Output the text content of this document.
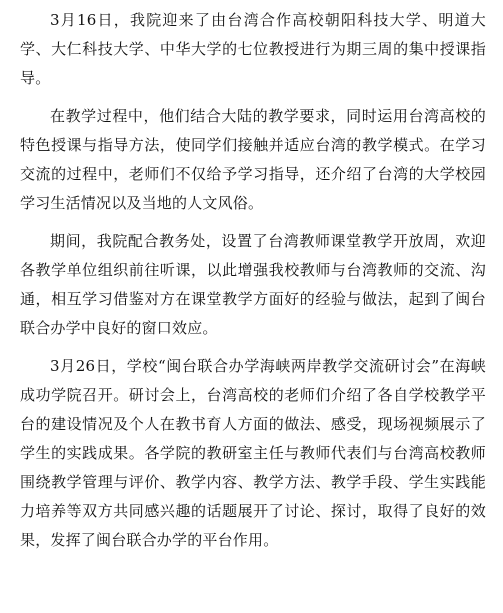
3月16日，我院迎来了由台湾合作高校朝阳科技大学、明道大学、大仁科技大学、中华大学的七位教授进行为期三周的集中授课指导。

在教学过程中，他们结合大陆的教学要求，同时运用台湾高校的特色授课与指导方法，使同学们接触并适应台湾的教学模式。在学习交流的过程中，老师们不仅给予学习指导，还介绍了台湾的大学校园学习生活情况以及当地的人文风俗。

期间，我院配合教务处，设置了台湾教师课堂教学开放周，欢迎各教学单位组织前往听课，以此增强我校教师与台湾教师的交流、沟通，相互学习借鉴对方在课堂教学方面好的经验与做法，起到了闽台联合办学中良好的窗口效应。

3月26日，学校“闽台联合办学海峡两岸教学交流研讨会”在海峡成功学院召开。研讨会上，台湾高校的老师们介绍了各自学校教学平台的建设情况及个人在教书育人方面的做法、感受，现场视频展示了学生的实践成果。各学院的教研室主任与教师代表们与台湾高校教师围绕教学管理与评价、教学内容、教学方法、教学手段、学生实践能力培养等双方共同感兴趣的话题展开了讨论、探讨，取得了良好的效果，发挥了闽台联合办学的平台作用。
